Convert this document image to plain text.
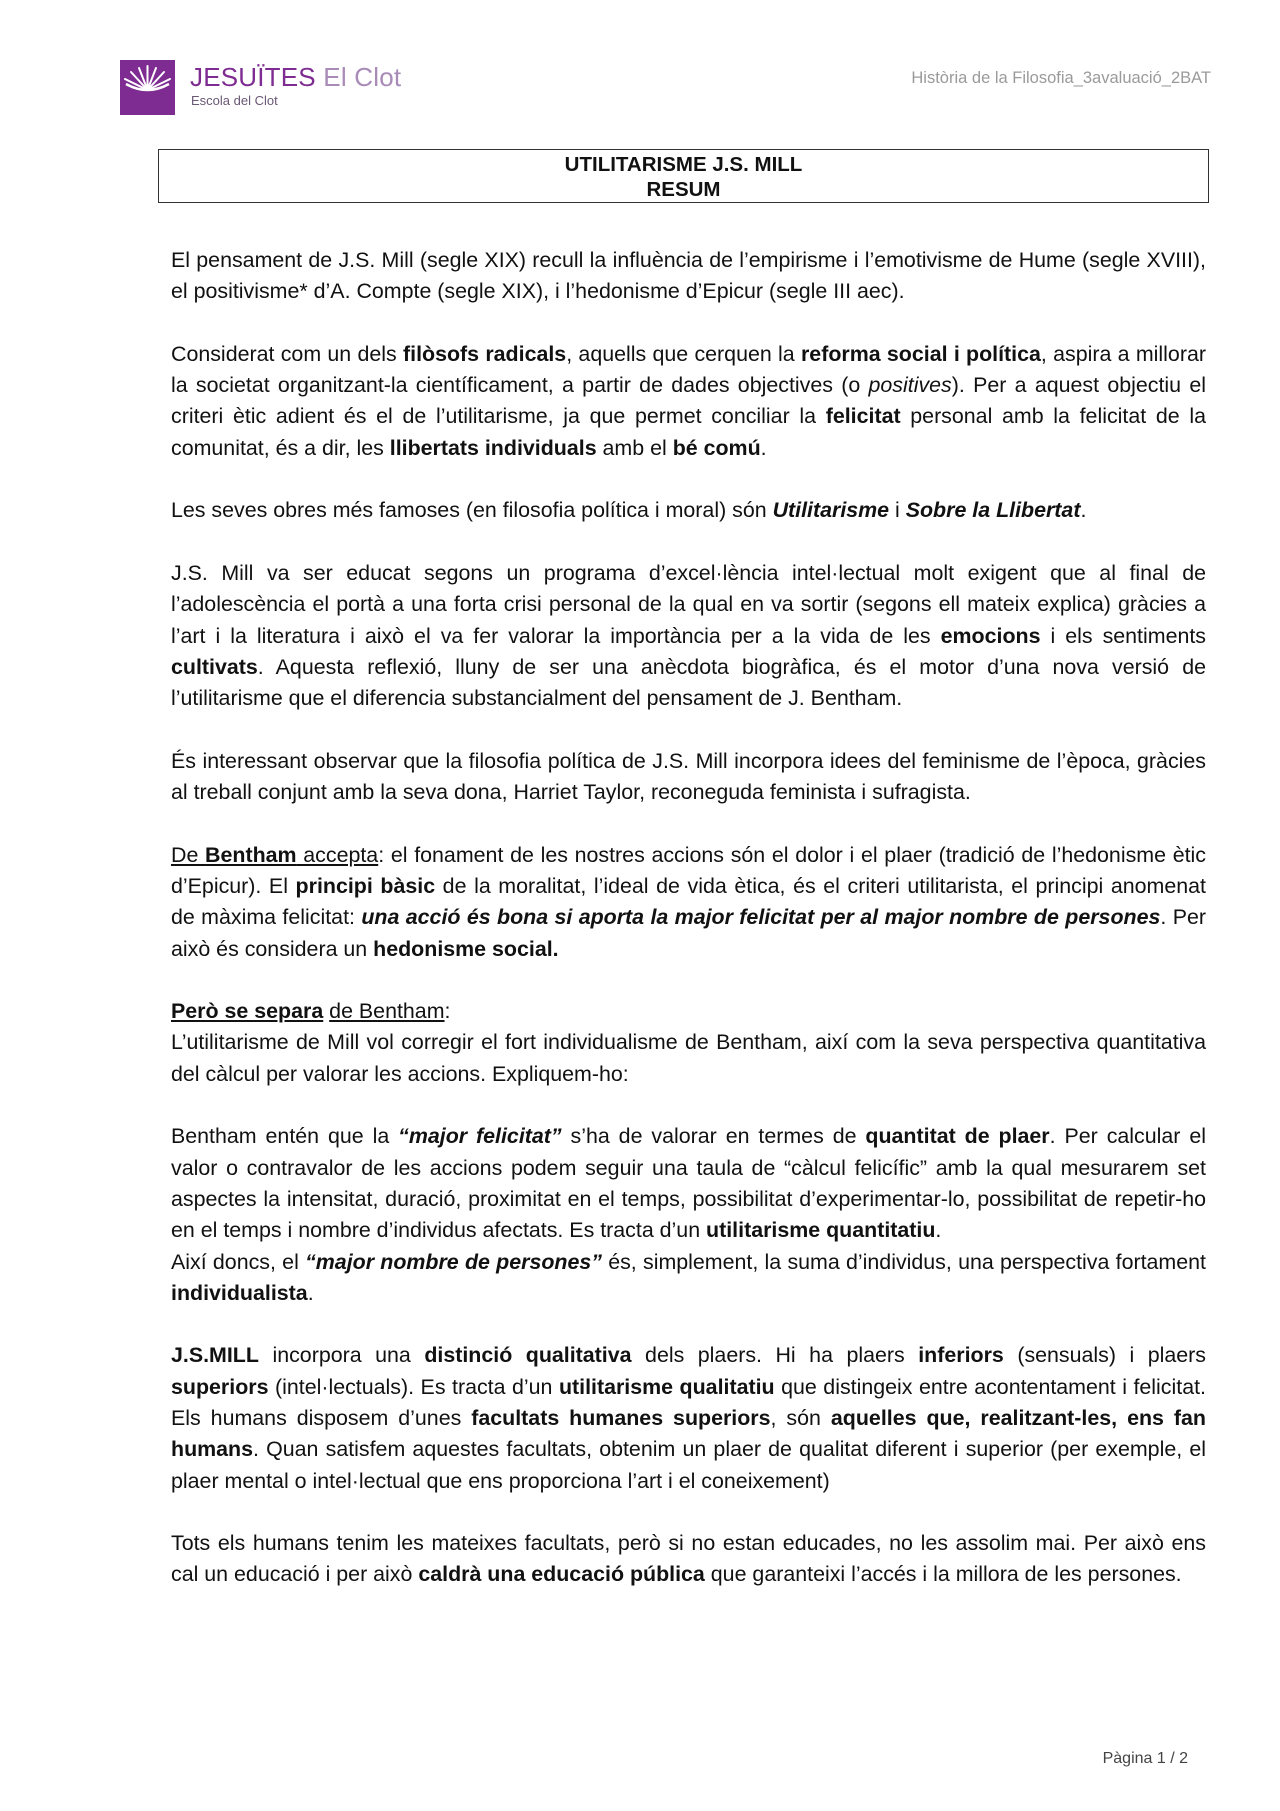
JESUÏTES El Clot
Escola del Clot
Història de la Filosofia_3avaluació_2BAT
UTILITARISME J.S. MILL
RESUM

El pensament de J.S. Mill (segle XIX) recull la influència de l’empirisme i l’emotivisme de Hume (segle XVIII), el positivisme* d’A. Compte (segle XIX), i l’hedonisme d’Epicur (segle III aec).

Considerat com un dels filòsofs radicals, aquells que cerquen la reforma social i política, aspira a millorar la societat organitzant-la científicament, a partir de dades objectives (o positives). Per a aquest objectiu el criteri ètic adient és el de l’utilitarisme, ja que permet conciliar la felicitat personal amb la felicitat de la comunitat, és a dir, les llibertats individuals amb el bé comú.

Les seves obres més famoses (en filosofia política i moral) són Utilitarisme i Sobre la Llibertat.

J.S. Mill va ser educat segons un programa d’excel·lència intel·lectual molt exigent que al final de l’adolescència el portà a una forta crisi personal de la qual en va sortir (segons ell mateix explica) gràcies a l’art i la literatura i això el va fer valorar la importància per a la vida de les emocions i els sentiments cultivats. Aquesta reflexió, lluny de ser una anècdota biogràfica, és el motor d’una nova versió de l’utilitarisme que el diferencia substancialment del pensament de J. Bentham.

És interessant observar que la filosofia política de J.S. Mill incorpora idees del feminisme de l’època, gràcies al treball conjunt amb la seva dona, Harriet Taylor, reconeguda feminista i sufragista.

De Bentham accepta: el fonament de les nostres accions són el dolor i el plaer (tradició de l’hedonisme ètic d’Epicur). El principi bàsic de la moralitat, l’ideal de vida ètica, és el criteri utilitarista, el principi anomenat de màxima felicitat: una acció és bona si aporta la major felicitat per al major nombre de persones. Per això és considera un hedonisme social.

Però se separa de Bentham:
L’utilitarisme de Mill vol corregir el fort individualisme de Bentham, així com la seva perspectiva quantitativa del càlcul per valorar les accions. Expliquem-ho:

Bentham entén que la “major felicitat” s’ha de valorar en termes de quantitat de plaer. Per calcular el valor o contravalor de les accions podem seguir una taula de “càlcul felicífic” amb la qual mesurarem set aspectes la intensitat, duració, proximitat en el temps, possibilitat d’experimentar-lo, possibilitat de repetir-ho en el temps i nombre d’individus afectats. Es tracta d’un utilitarisme quantitatiu.

Així doncs, el “major nombre de persones” és, simplement, la suma d’individus, una perspectiva fortament individualista.

J.S.MILL incorpora una distinció qualitativa dels plaers. Hi ha plaers inferiors (sensuals) i plaers superiors (intel·lectuals). Es tracta d’un utilitarisme qualitatiu que distingeix entre acontentament i felicitat. Els humans disposem d’unes facultats humanes superiors, són aquelles que, realitzant-les, ens fan humans. Quan satisfem aquestes facultats, obtenim un plaer de qualitat diferent i superior (per exemple, el plaer mental o intel·lectual que ens proporciona l’art i el coneixement)

Tots els humans tenim les mateixes facultats, però si no estan educades, no les assolim mai. Per això ens cal un educació i per això caldrà una educació pública que garanteixi l’accés i la millora de les persones.

Pàgina 1 / 2
